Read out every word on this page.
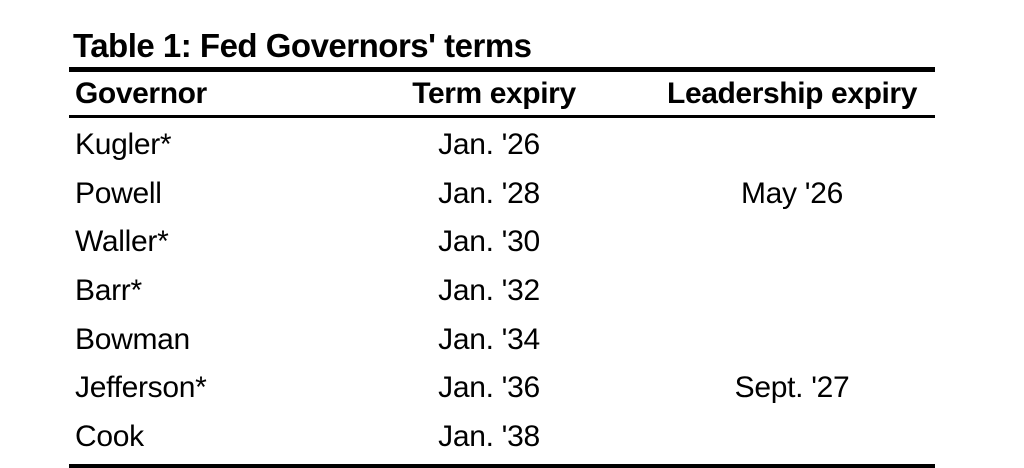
Table 1: Fed Governors' terms
Governor	Term expiry	Leadership expiry
Kugler*	Jan. '26	
Powell	Jan. '28	May '26
Waller*	Jan. '30	
Barr*	Jan. '32	
Bowman	Jan. '34	
Jefferson*	Jan. '36	Sept. '27
Cook	Jan. '38	
